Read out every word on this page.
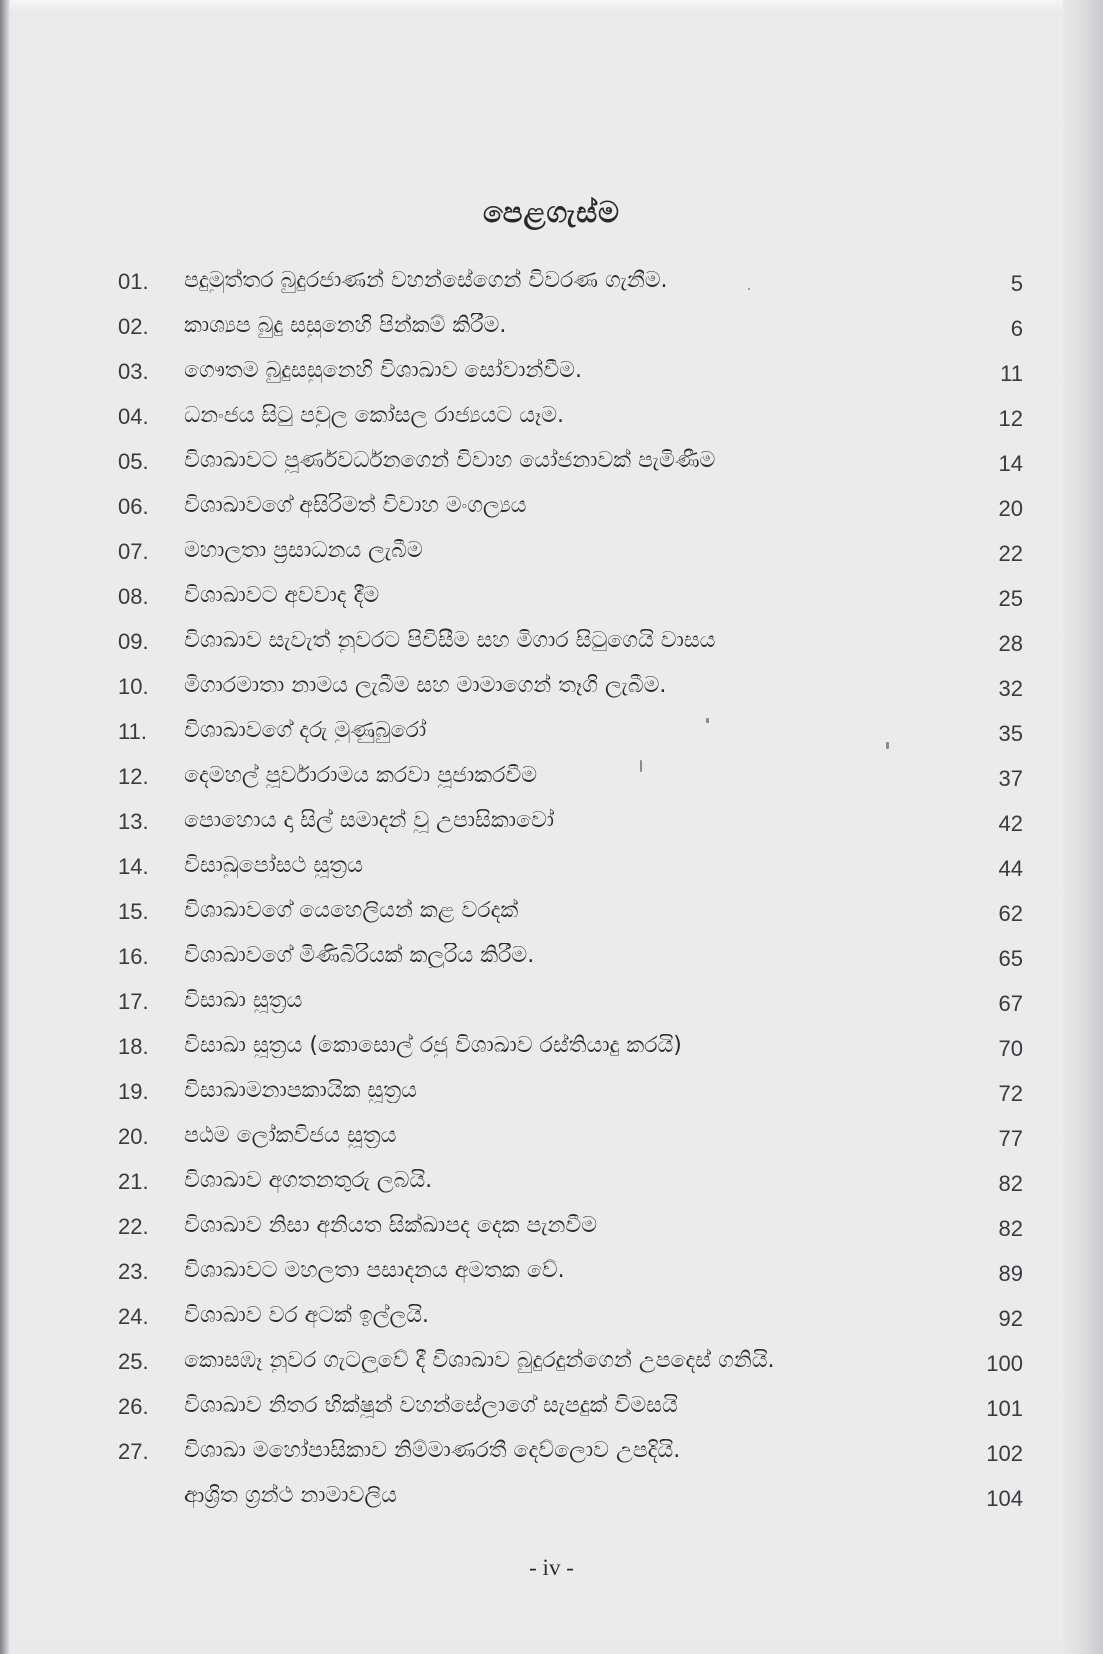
පෙළගැස්ම
01.	පදුමුත්තර බුදුරජාණන් වහන්සේගෙන් විවරණ ගැනීම.	5
02.	කාශ්‍යප බුදු සසුනෙහි පින්කම් කිරීම.	6
03.	ගෞතම බුදුසසුනෙහි විශාඛාව සෝවාන්වීම.	11
04.	ධනංජය සිටු පවුල කෝසල රාජ්‍යයට යෑම.	12
05.	විශාඛාවට පූර්ණවර්ධනගෙන් විවාහ යෝජනාවක් පැමිණීම	14
06.	විශාඛාවගේ අසිරිමත් විවාහ මංගල්‍යය	20
07.	මහාලතා ප්‍රසාධනය ලැබීම	22
08.	විශාඛාවට අවවාද දීම	25
09.	විශාඛාව සැවැත් නුවරට පිවිසීම සහ මිගාර සිටුගෙයි වාසය	28
10.	මිගාරමාතා නාමය ලැබීම සහ මාමාගෙන් තෑගි ලැබීම.	32
11.	විශාඛාවගේ දරු මුණුබුරෝ	35
12.	දෙමහල් පූර්වාරාමය කරවා පූජාකරවීම	37
13.	පොහොය දා සිල් සමාදන් වූ උපාසිකාවෝ	42
14.	විසාඛුපෝසථ සූත්‍රය	44
15.	විශාඛාවගේ යෙහෙලියන් කළ වරදක්	62
16.	විශාඛාවගේ මිණිබිරියක් කලුරිය කිරීම.	65
17.	විසාඛා සූත්‍රය	67
18.	විසාඛා සූත්‍රය (කොසොල් රජු විශාඛාව රස්තියාදු කරයි)	70
19.	විසාඛාමනාපකායික සූත්‍රය	72
20.	පඨම ලෝකවිජය සූත්‍රය	77
21.	විශාඛාව අගතනතුරු ලබයි.	82
22.	විශාඛාව නිසා අනියත සික්ඛාපද දෙක පැනවීම	82
23.	විශාඛාවට මහලතා පසාදනය අමතක වේ.	89
24.	විශාඛාව වර අටක් ඉල්ලයි.	92
25.	කොසඹෑ නුවර ගැටලුවේ දී විශාඛාව බුදුරදුන්ගෙන් උපදෙස් ගනියි.	100
26.	විශාඛාව නිතර භික්ෂූන් වහන්සේලාගේ සැපදුක් විමසයි	101
27.	විශාඛා මහෝපාසිකාව නිම්මාණරතී දෙව්ලොව උපදියි.	102
ආශ්‍රිත ග්‍රන්ථ නාමාවලිය	104
- iv -
